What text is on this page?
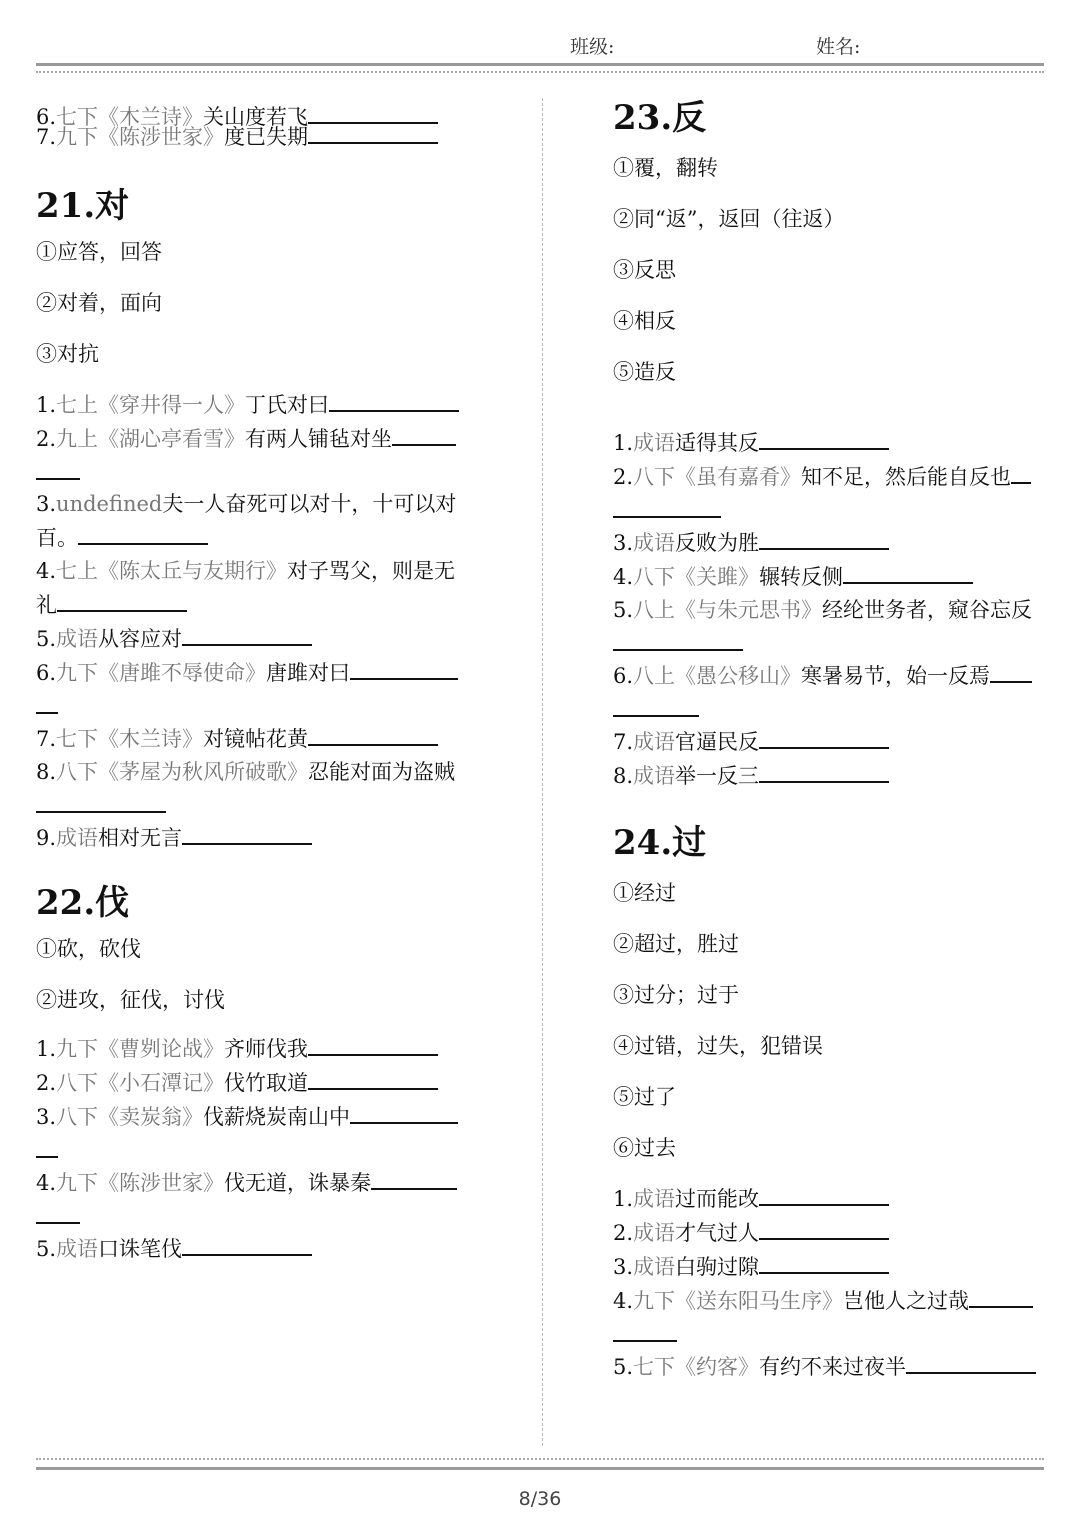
班级:	姓名:
6.七下《木兰诗》关山度若飞
7.九下《陈涉世家》度已失期
21.对
①应答，回答
②对着，面向
③对抗
1.七上《穿井得一人》丁氏对曰
2.九上《湖心亭看雪》有两人铺毡对坐
3.undefined夫一人奋死可以对十，十可以对百。
4.七上《陈太丘与友期行》对子骂父，则是无礼
5.成语从容应对
6.九下《唐雎不辱使命》唐雎对曰
7.七下《木兰诗》对镜帖花黄
8.八下《茅屋为秋风所破歌》忍能对面为盗贼
9.成语相对无言
22.伐
①砍，砍伐
②进攻，征伐，讨伐
1.九下《曹刿论战》齐师伐我
2.八下《小石潭记》伐竹取道
3.八下《卖炭翁》伐薪烧炭南山中
4.九下《陈涉世家》伐无道，诛暴秦
5.成语口诛笔伐
23.反
①覆，翻转
②同“返”，返回（往返）
③反思
④相反
⑤造反
1.成语适得其反
2.八下《虽有嘉肴》知不足，然后能自反也
3.成语反败为胜
4.八下《关雎》辗转反侧
5.八上《与朱元思书》经纶世务者，窥谷忘反
6.八上《愚公移山》寒暑易节，始一反焉
7.成语官逼民反
8.成语举一反三
24.过
①经过
②超过，胜过
③过分；过于
④过错，过失，犯错误
⑤过了
⑥过去
1.成语过而能改
2.成语才气过人
3.成语白驹过隙
4.九下《送东阳马生序》岂他人之过哉
5.七下《约客》有约不来过夜半
8/36
